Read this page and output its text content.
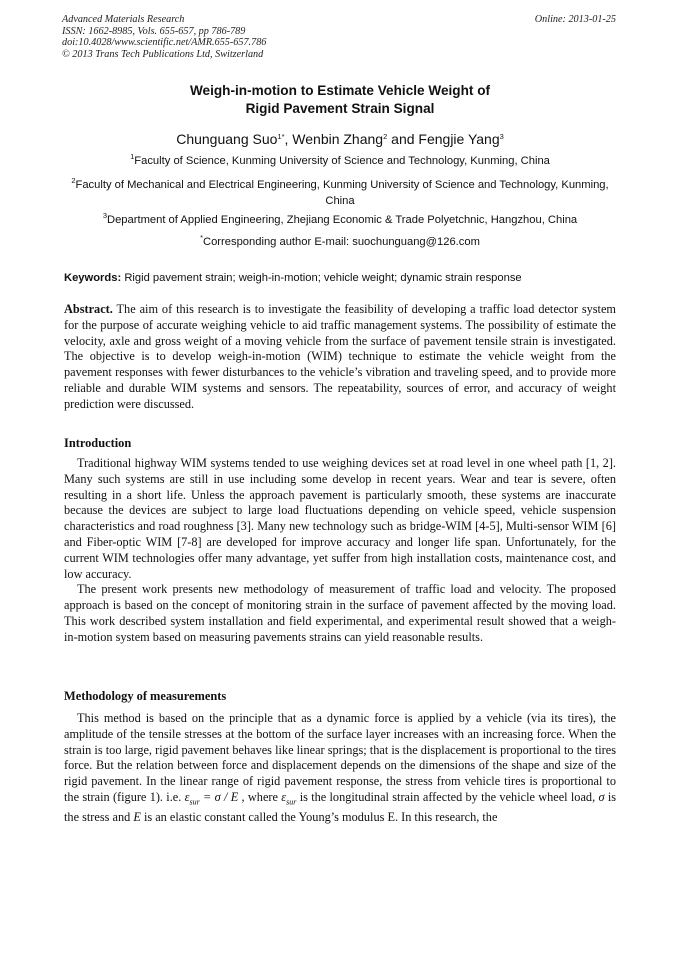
Advanced Materials Research
ISSN: 1662-8985, Vols. 655-657, pp 786-789
doi:10.4028/www.scientific.net/AMR.655-657.786
© 2013 Trans Tech Publications Ltd, Switzerland
Online: 2013-01-25
Weigh-in-motion to Estimate Vehicle Weight of
Rigid Pavement Strain Signal
Chunguang Suo$^{1*}$, Wenbin Zhang$^2$ and Fengjie Yang$^3$
$^1$Faculty of Science, Kunming University of Science and Technology, Kunming, China
$^2$Faculty of Mechanical and Electrical Engineering, Kunming University of Science and Technology, Kunming, China
$^3$Department of Applied Engineering, Zhejiang Economic & Trade Polyetchnic, Hangzhou, China
*Corresponding author E-mail: suochunguang@126.com
Keywords: Rigid pavement strain; weigh-in-motion; vehicle weight; dynamic strain response
Abstract. The aim of this research is to investigate the feasibility of developing a traffic load detector system for the purpose of accurate weighing vehicle to aid traffic management systems. The possibility of estimate the velocity, axle and gross weight of a moving vehicle from the surface of pavement tensile strain is investigated. The objective is to develop weigh-in-motion (WIM) technique to estimate the vehicle weight from the pavement responses with fewer disturbances to the vehicle’s vibration and traveling speed, and to provide more reliable and durable WIM systems and sensors. The repeatability, sources of error, and accuracy of weight prediction were discussed.
Introduction

Traditional highway WIM systems tended to use weighing devices set at road level in one wheel path [1, 2]. Many such systems are still in use including some develop in recent years. Wear and tear is severe, often resulting in a short life. Unless the approach pavement is particularly smooth, these systems are inaccurate because the devices are subject to large load fluctuations depending on vehicle speed, vehicle suspension characteristics and road roughness [3]. Many new technology such as bridge-WIM [4-5], Multi-sensor WIM [6] and Fiber-optic WIM [7-8] are developed for improve accuracy and longer life span. Unfortunately, for the current WIM technologies offer many advantage, yet suffer from high installation costs, maintenance cost, and low accuracy.

The present work presents new methodology of measurement of traffic load and velocity. The proposed approach is based on the concept of monitoring strain in the surface of pavement affected by the moving load. This work described system installation and field experimental, and experimental result showed that a weigh-in-motion system based on measuring pavements strains can yield reasonable results.

Methodology of measurements

This method is based on the principle that as a dynamic force is applied by a vehicle (via its tires), the amplitude of the tensile stresses at the bottom of the surface layer increases with an increasing force. When the strain is too large, rigid pavement behaves like linear springs; that is the displacement is proportional to the tires force. But the relation between force and displacement depends on the dimensions of the shape and size of the rigid pavement. In the linear range of rigid pavement response, the stress from vehicle tires is proportional to the strain (figure 1). i.e. $\varepsilon_{sur} = \sigma / E$ , where $\varepsilon_{sur}$ is the longitudinal strain affected by the vehicle wheel load, σ is the stress and E is an elastic constant called the Young’s modulus E. In this research, the
